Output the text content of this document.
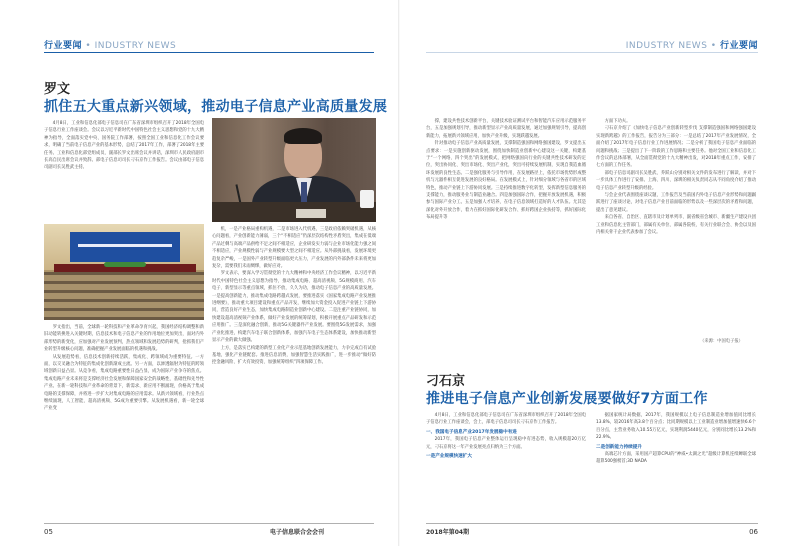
行业要闻 • INDUSTRY NEWS
罗文
抓住五大重点新兴领域，推动电子信息产业高质量发展

4月8日，工业和信息化部电子信息司在广东省深圳市组织召开了2018年全国电子信息行业工作座谈会。会议以习近平新时代中国特色社会主义思想和党的十九大精神为指导，全面落实党中央、国务院工作部署，按照全国工业和信息化工作会议要求，明确了当前电子信息产业的基本形势，总结了2017年工作，部署了2018年主要任务。工业和信息化部党组成员、副部长罗文出席会议并讲话，深圳市人民政府副市长高自民出席会议并致辞。部电子信息司司长刁石京作工作报告。会议由部电子信息司副司长吴胜武主持。

罗文指出，当前，全球新一轮科技和产业革命孕育兴起，我国经济结构调整和新旧动能转换进入关键时期，信息技术和电子信息产业的作用地位更加突出，面对内外部形势的新变化，应加强对产业发展预判，热点领域和发展趋势的研判，抢抓我们产业转型升级核心问题，准确把握产业发展面临的机遇和挑战。

从发展趋势看，信息技术创新持续活跃，集成化、跨领域成为重要特征。一方面，以交叉融合为特征的集成化创新渐成主流。另一方面，以渗透辐射为特征的跨领域创新日益凸显。从竞争看，集成电路重要性日益凸显，成为国际产业争夺的焦点。集成电路产业未来将是支撑经济社会发展和保障国家安全的战略性、基础性和先导性产业。在新一轮科技和产业革命的背景下，新需求、新应用不断涌现，价格高于集成电路的支撑保障，并将进一步扩大对集成电路的应用需求。从新兴领域看，行业热点继续涌现，人工智能、超高清视频、5G成为重要引擎。从发展机遇看，新一轮全球产业变

机，一是产业格局重构机遇，二是市场进入代机遇，三是政府依赖突破机遇，从核心问题看，产业创新能力薄弱，三个“不相适应”仍深层次结构性矛盾突出，集成在低端产品过剩与高端产品供给不足之间不相适应，企业研发实力弱与企业市场化能力强之间不相适应，产业规模性弱与产业规模要大型之间不相适应。从外部挑战看，发展环境更趋复杂严峻，一是国外产业转型升级面临更大压力，产业发展的内外部条件未来将更加复杂，需要我们未雨绸缪，做好应对。

罗文表示，要深入学习贯彻党的十九大精神和中央经济工作会议精神，以习近平新时代中国特色社会主义思想为指导，推动集成电路、超高清视频、5G规模商用、汽车电子、新型显示等重点领域，抓住不放，久久为功，推动电子信息产业的高质量发展。一是提高创新能力，推动集成电路跨越式发展，要推进落实《国家集成电路产业发展推进纲要》，推动重大项目建设和重点产品开发，继续加大资金投入促进产业链上下游协同，营造良好产业生态，加快集成电路制造业创新中心建设。二是注重产业链协同，加快建设超高清视频产业体系，做好产业发展的统筹谋划，积极开展重点产品研发和示范应用推广。三是深化融合创新，推动5G关键器件产业发展。要围绕5G发展需求，加强产业化推进，构建汽车电子联合创新体系，加强汽车电子生态体系建设，加快推动新型显示产业的做大做强。

上方，是落实已构建的新型工业化产业示范基地创新发展能力，力争完成自有试验基地，强化产业链配套。推进信息消费，加强智慧生活实践推广，进一步推动“做好防控金融风险、扩大有效投资、加强统筹组织”四项保障工作。

05	电子信息联合会会刊
INDUSTRY NEWS • 行业要闻

撑，建设共性技术创新平台，关键技术验证测试平台和智能汽车应用示范服务平台，五是加强规划引导，推动新型显示产业高质量发展，通过加强规划引导，提高创新能力，拓展新兴领域应用，加快产业升级，实现跃越发展。

针对推动电子信息产业高质量发展，支撑制造强国和网络强国建设，罗文提出五点要求：一是实施创新驱动发展，围绕加快制造业创新中心建设这一关键，构建基于“一个网络、四个突出”的发展模式，把网络强国向行业的关键共性技术研发的定位，突出协同化、突出市场化、突出产业化，突出可持续发展机制，实现自我造血循环发展的良性生态。二是强化服务与引导作用，在发展路径上，依托市场优势形成整机与元器件相互促进发展的良好格局。在发展模式上，针对细分领域与各省市的区域特色，推动产业链上下游协同发展。三是持续推进数字化转型，发挥新型信息服务的支撑能力，推动服务业与制造业融合。四是加强国际合作，把握开放发展机遇，积极参与国际产业分工。五是加强人才培养，在电子信息领域打造好的人才队伍。尤其是深化对外开放合作，着力在抓好国际化研发合作、抓好跨国企业扶持等，抓好国际化布局提升等

方面下功夫。

刁石京介绍了《加快电子信息产业创新转型步伐 支撑制造强国和网络强国建设实现新跨越》的工作报告，报告分为三部分：一是总结了2017年产业发展情况，全面介绍了2017年电子信息行业工作进展情况；二是分析了我国电子信息产业面临的问题和挑战；三是提出了下一阶段的工作思路和主要任务。他对全国工业和信息化工作会议的总体部署，从全面贯彻党的十九大精神出发，对2018年重点工作，安排了七方面的工作任务。

部电子信息司副司长吴胜武、乔跃山分别对相关文件的发布进行了解读，并对下一步具体工作进行了安排。上海、四川、深圳的相关负责同志从不同角度介绍了推动电子信息产业转型升级的经验。

与会企业代表围绕座谈议题，工作报告及当前国内外电子信息产业形势和问题踊跃进行了座谈讨论，对电子信息产业目前面临的形势以及一些深层次的矛盾和问题，提出了意见建议。

来自各省、自治区、直辖市及计划单列市、副省级省会城市、新疆生产建设兵团工业和信息化主管部门，部属有关单位、部属各院校，有关行业联合会、协会以及国内相关骨干企业代表参加了会议。

（来源：中国电子报）
刁石京
推进电子信息产业创新发展要做好7方面工作

4月8日，工业和信息化部电子信息司在广东省深圳市组织召开了2018年全国电子信息行业工作座谈会，会上，部电子信息司司长刁石京作工作报告。

一、我国电子信息产业2017年发展稳中有进

2017年，我国电子信息产业整体运行呈现稳中有进态势，收入规模超20万亿元，刁石京将这一年产业发展亮点归纳为三个方面。

一是产业规模快速扩大

据国家统计局数据，2017年，我国规模以上电子信息制造业增加值同比增长13.8%，较2016年高3.8个百分点；比同期规模以上工业制造业增加值增速快6.6个百分点，主营业务收入10.55万亿元，实现利润5440亿元，分别同比增长13.2%和22.9%。

二是创新能力持续提升

高端芯片方面，采用国产超算CPU的“神威•太湖之光”超级计算机连续蝉联全球超算500强榜首;3D NADA

2018年第04期	06
